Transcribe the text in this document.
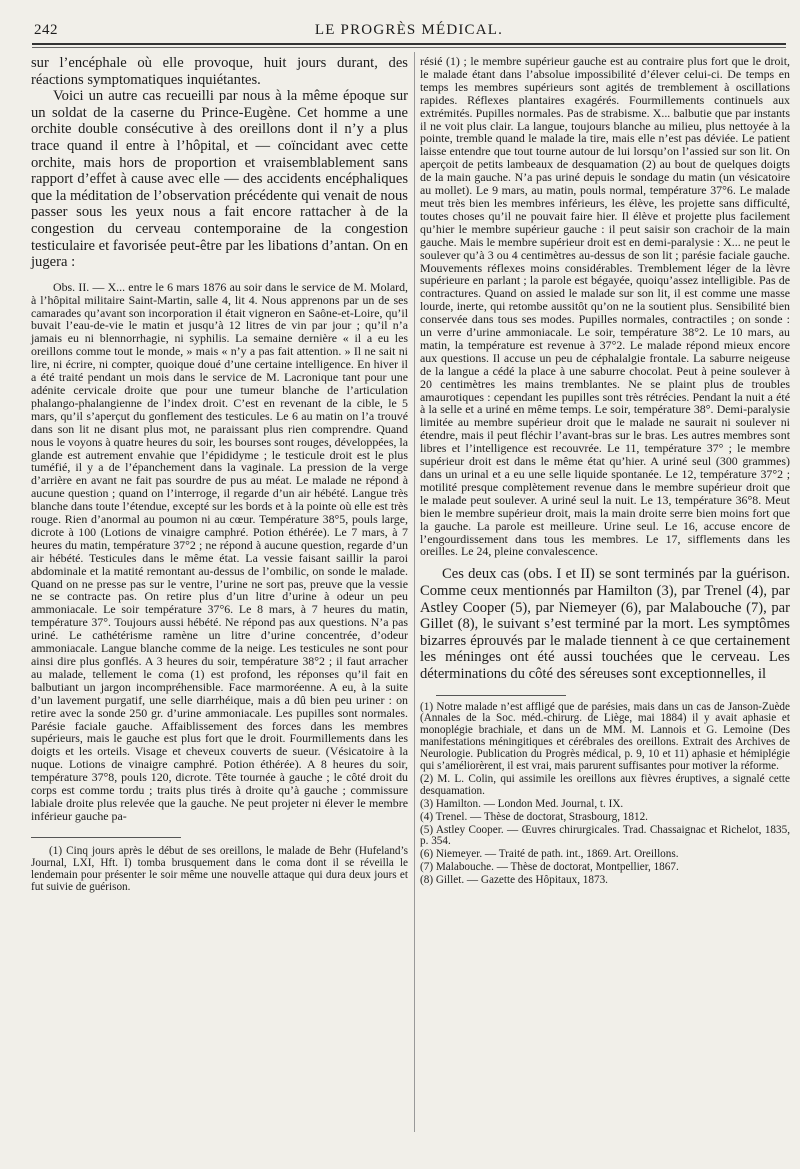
242	LE PROGRÈS MÉDICAL.

sur l’encéphale où elle provoque, huit jours durant, des réactions symptomatiques inquiétantes.

Voici un autre cas recueilli par nous à la même époque sur un soldat de la caserne du Prince-Eugène. Cet homme a une orchite double consécutive à des oreillons dont il n’y a plus trace quand il entre à l’hôpital, et — coïncidant avec cette orchite, mais hors de proportion et vraisemblablement sans rapport d’effet à cause avec elle — des accidents encéphaliques que la méditation de l’observation précédente qui venait de nous passer sous les yeux nous a fait encore rattacher à de la congestion du cerveau contemporaine de la congestion testiculaire et favorisée peut-être par les libations d’antan. On en jugera :

Obs. II. — X... entre le 6 mars 1876 au soir dans le service de M. Molard, à l’hôpital militaire Saint-Martin, salle 4, lit 4. Nous apprenons par un de ses camarades qu’avant son incorporation il était vigneron en Saône-et-Loire, qu’il buvait l’eau-de-vie le matin et jusqu’à 12 litres de vin par jour ; qu’il n’a jamais eu ni blennorrhagie, ni syphilis. La semaine dernière « il a eu les oreillons comme tout le monde, » mais « n’y a pas fait attention. » Il ne sait ni lire, ni écrire, ni compter, quoique doué d’une certaine intelligence. En hiver il a été traité pendant un mois dans le service de M. Lacronique tant pour une adénite cervicale droite que pour une tumeur blanche de l’articulation phalango-phalangienne de l’index droit. C’est en revenant de la cible, le 5 mars, qu’il s’aperçut du gonflement des testicules. Le 6 au matin on l’a trouvé dans son lit ne disant plus mot, ne paraissant plus rien comprendre. Quand nous le voyons à quatre heures du soir, les bourses sont rouges, développées, la glande est autrement envahie que l’épididyme ; le testicule droit est le plus tuméfié, il y a de l’épanchement dans la vaginale. La pression de la verge d’arrière en avant ne fait pas sourdre de pus au méat. Le malade ne répond à aucune question ; quand on l’interroge, il regarde d’un air hébété. Langue très blanche dans toute l’étendue, excepté sur les bords et à la pointe où elle est très rouge. Rien d’anormal au poumon ni au cœur. Température 38°5, pouls large, dicrote à 100 (Lotions de vinaigre camphré. Potion éthérée). Le 7 mars, à 7 heures du matin, température 37°2 ; ne répond à aucune question, regarde d’un air hébété. Testicules dans le même état. La vessie faisant saillir la paroi abdominale et la matité remontant au-dessus de l’ombilic, on sonde le malade. Quand on ne presse pas sur le ventre, l’urine ne sort pas, preuve que la vessie ne se contracte pas. On retire plus d’un litre d’urine à odeur un peu ammoniacale. Le soir température 37°6. Le 8 mars, à 7 heures du matin, température 37°. Toujours aussi hébété. Ne répond pas aux questions. N’a pas uriné. Le cathétérisme ramène un litre d’urine concentrée, d’odeur ammoniacale. Langue blanche comme de la neige. Les testicules ne sont pour ainsi dire plus gonflés. A 3 heures du soir, température 38°2 ; il faut arracher au malade, tellement le coma (1) est profond, les réponses qu’il fait en balbutiant un jargon incompréhensible. Face marmoréenne. A eu, à la suite d’un lavement purgatif, une selle diarrhéique, mais a dû bien peu uriner : on retire avec la sonde 250 gr. d’urine ammoniacale. Les pupilles sont normales. Parésie faciale gauche. Affaiblissement des forces dans les membres supérieurs, mais le gauche est plus fort que le droit. Fourmillements dans les doigts et les orteils. Visage et cheveux couverts de sueur. (Vésicatoire à la nuque. Lotions de vinaigre camphré. Potion éthérée). A 8 heures du soir, température 37°8, pouls 120, dicrote. Tête tournée à gauche ; le côté droit du corps est comme tordu ; traits plus tirés à droite qu’à gauche ; commissure labiale droite plus relevée que la gauche. Ne peut projeter ni élever le membre inférieur gauche pa-

(1) Cinq jours après le début de ses oreillons, le malade de Behr (Hufeland’s Journal, LXI, Hft. I) tomba brusquement dans le coma dont il se réveilla le lendemain pour présenter le soir même une nouvelle attaque qui dura deux jours et fut suivie de guérison.

résié (1) ; le membre supérieur gauche est au contraire plus fort que le droit, le malade étant dans l’absolue impossibilité d’élever celui-ci. De temps en temps les membres supérieurs sont agités de tremblement à oscillations rapides. Réflexes plantaires exagérés. Fourmillements continuels aux extrémités. Pupilles normales. Pas de strabisme. X... balbutie que par instants il ne voit plus clair. La langue, toujours blanche au milieu, plus nettoyée à la pointe, tremble quand le malade la tire, mais elle n’est pas déviée. Le patient laisse entendre que tout tourne autour de lui lorsqu’on l’assied sur son lit. On aperçoit de petits lambeaux de desquamation (2) au bout de quelques doigts de la main gauche. N’a pas uriné depuis le sondage du matin (un vésicatoire au mollet). Le 9 mars, au matin, pouls normal, température 37°6. Le malade meut très bien les membres inférieurs, les élève, les projette sans difficulté, toutes choses qu’il ne pouvait faire hier. Il élève et projette plus facilement qu’hier le membre supérieur gauche : il peut saisir son crachoir de la main gauche. Mais le membre supérieur droit est en demi-paralysie : X... ne peut le soulever qu’à 3 ou 4 centimètres au-dessus de son lit ; parésie faciale gauche. Mouvements réflexes moins considérables. Tremblement léger de la lèvre supérieure en parlant ; la parole est bégayée, quoiqu’assez intelligible. Pas de contractures. Quand on assied le malade sur son lit, il est comme une masse lourde, inerte, qui retombe aussitôt qu’on ne la soutient plus. Sensibilité bien conservée dans tous ses modes. Pupilles normales, contractiles ; on sonde : un verre d’urine ammoniacale. Le soir, température 38°2. Le 10 mars, au matin, la température est revenue à 37°2. Le malade répond mieux encore aux questions. Il accuse un peu de céphalalgie frontale. La saburre neigeuse de la langue a cédé la place à une saburre chocolat. Peut à peine soulever à 20 centimètres les mains tremblantes. Ne se plaint plus de troubles amaurotiques : cependant les pupilles sont très rétrécies. Pendant la nuit a été à la selle et a uriné en même temps. Le soir, température 38°. Demi-paralysie limitée au membre supérieur droit que le malade ne saurait ni soulever ni étendre, mais il peut fléchir l’avant-bras sur le bras. Les autres membres sont libres et l’intelligence est recouvrée. Le 11, température 37° ; le membre supérieur droit est dans le même état qu’hier. A uriné seul (300 grammes) dans un urinal et a eu une selle liquide spontanée. Le 12, température 37°2 ; motilité presque complètement revenue dans le membre supérieur droit que le malade peut soulever. A uriné seul la nuit. Le 13, température 36°8. Meut bien le membre supérieur droit, mais la main droite serre bien moins fort que la gauche. La parole est meilleure. Urine seul. Le 16, accuse encore de l’engourdissement dans tous les membres. Le 17, sifflements dans les oreilles. Le 24, pleine convalescence.

Ces deux cas (obs. I et II) se sont terminés par la guérison. Comme ceux mentionnés par Hamilton (3), par Trenel (4), par Astley Cooper (5), par Niemeyer (6), par Malabouche (7), par Gillet (8), le suivant s’est terminé par la mort. Les symptômes bizarres éprouvés par le malade tiennent à ce que certainement les méninges ont été aussi touchées que le cerveau. Les déterminations du côté des séreuses sont exceptionnelles, il

(1) Notre malade n’est affligé que de parésies, mais dans un cas de Janson-Zuède (Annales de la Soc. méd.-chirurg. de Liège, mai 1884) il y avait aphasie et monoplégie brachiale, et dans un de MM. M. Lannois et G. Lemoine (Des manifestations méningitiques et cérébrales des oreillons. Extrait des Archives de Neurologie. Publication du Progrès médical, p. 9, 10 et 11) aphasie et hémiplégie qui s’améliorèrent, il est vrai, mais parurent suffisantes pour motiver la réforme.

(2) M. L. Colin, qui assimile les oreillons aux fièvres éruptives, a signalé cette desquamation.

(3) Hamilton. — London Med. Journal, t. IX.

(4) Trenel. — Thèse de doctorat, Strasbourg, 1812.

(5) Astley Cooper. — Œuvres chirurgicales. Trad. Chassaignac et Richelot, 1835, p. 354.

(6) Niemeyer. — Traité de path. int., 1869. Art. Oreillons.

(7) Malabouche. — Thèse de doctorat, Montpellier, 1867.

(8) Gillet. — Gazette des Hôpitaux, 1873.
